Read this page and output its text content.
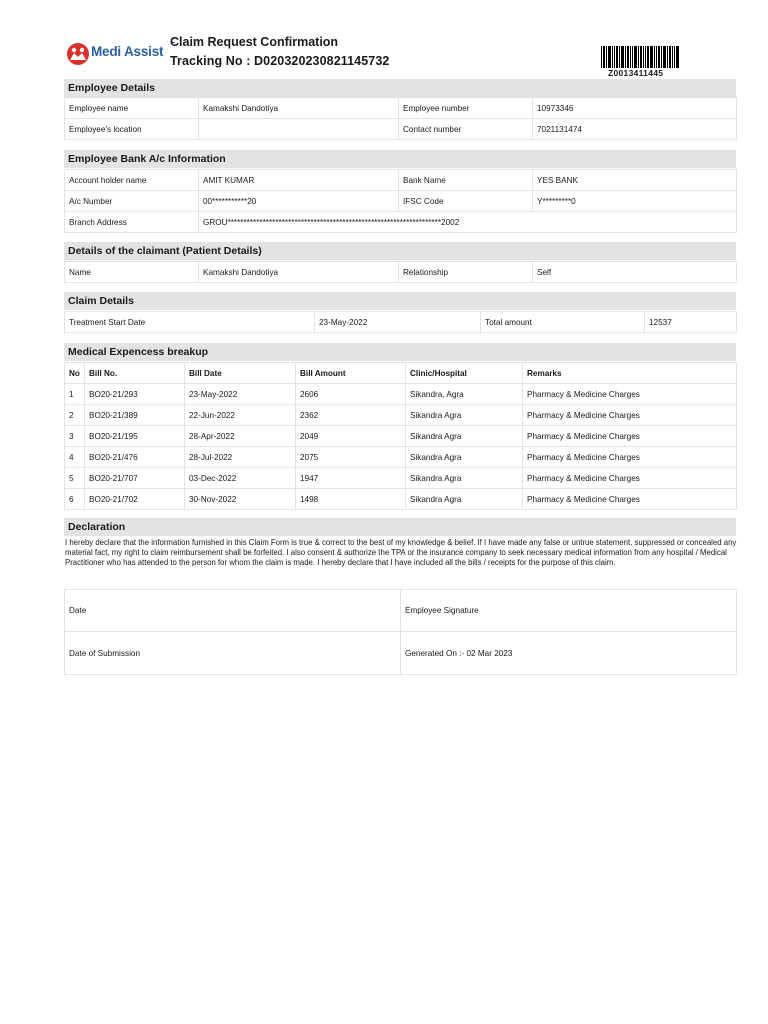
Medi Assist
Claim Request Confirmation
Tracking No : D020320230821145732
Z0013411445
Employee Details
Employee name	Kamakshi Dandotiya	Employee number	10973346
Employee's location		Contact number	7021131474
Employee Bank A/c Information
Account holder name	AMIT KUMAR	Bank Name	YES BANK
A/c Number	00***********20	IFSC Code	Y*********0
Branch Address	GROU*******************************************************************2002		
Details of the claimant (Patient Details)
Name	Kamakshi Dandotiya	Relationship	Self
Claim Details
Treatment Start Date	23-May-2022	Total amount	12537
Medical Expencess breakup
No	Bill No.	Bill Date	Bill Amount	Clinic/Hospital	Remarks
1	BO20-21/293	23-May-2022	2606	Sikandra, Agra	Pharmacy & Medicine Charges
2	BO20-21/389	22-Jun-2022	2362	Sikandra Agra	Pharmacy & Medicine Charges
3	BO20-21/195	28-Apr-2022	2049	Sikandra Agra	Pharmacy & Medicine Charges
4	BO20-21/476	28-Jul-2022	2075	Sikandra Agra	Pharmacy & Medicine Charges
5	BO20-21/707	03-Dec-2022	1947	Sikandra Agra	Pharmacy & Medicine Charges
6	BO20-21/702	30-Nov-2022	1498	Sikandra Agra	Pharmacy & Medicine Charges
Declaration
I hereby declare that the information furnished in this Claim Form is true & correct to the best of my knowledge & belief. If I have made any false or untrue statement, suppressed or concealed any material fact, my right to claim reimbursement shall be forfeited. I also consent & authorize the TPA or the insurance company to seek necessary medical information from any hospital / Medical Practitioner who has attended to the person for whom the claim is made. I hereby declare that I have included all the bills / receipts for the purpose of this claim.
Date	Employee Signature
Date of Submission	Generated On :- 02 Mar 2023
